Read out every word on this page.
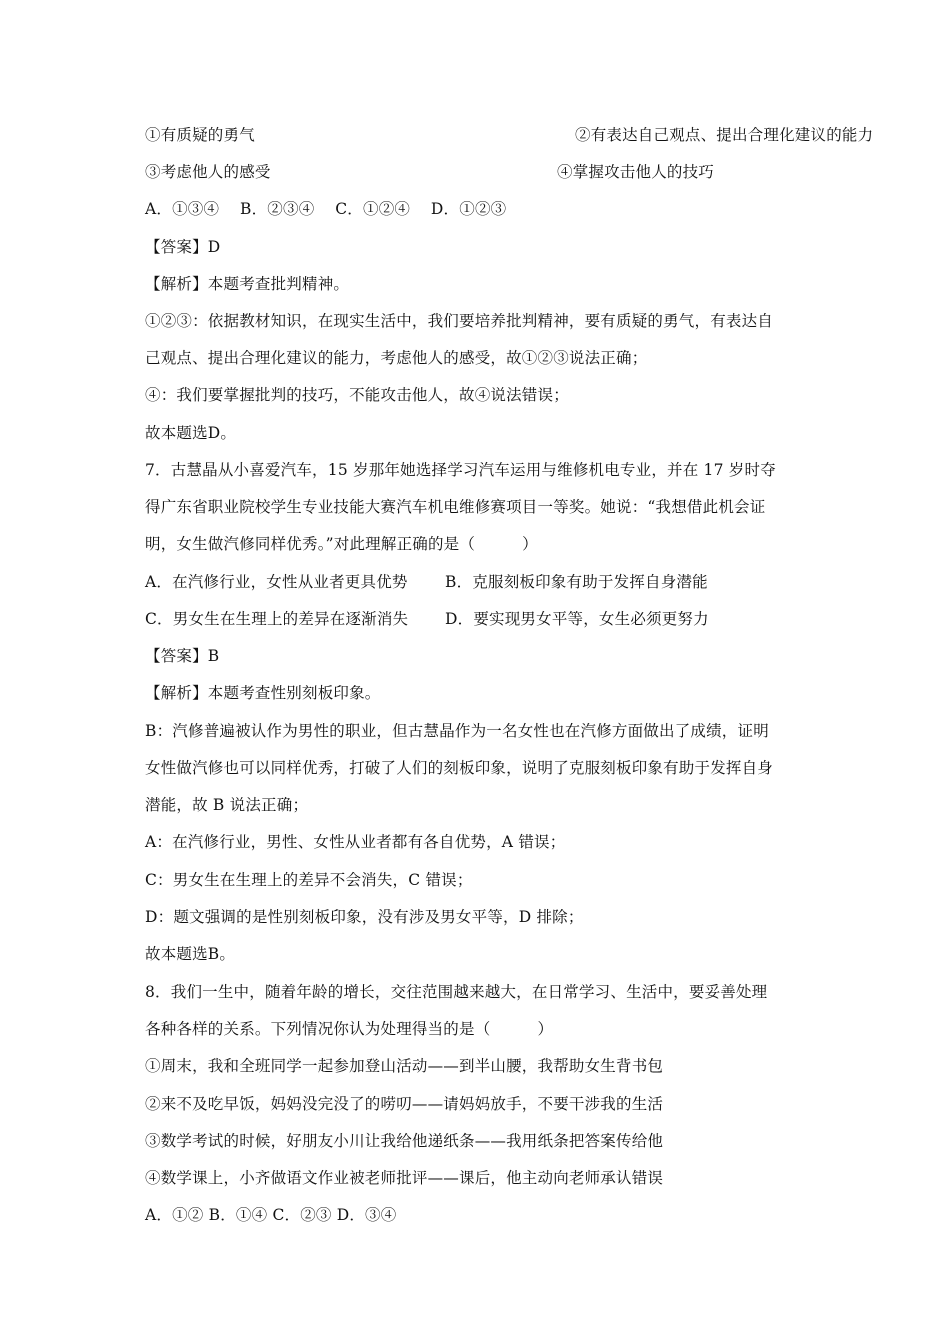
①有质疑的勇气	②有表达自己观点、提出合理化建议的能力
③考虑他人的感受	④掌握攻击他人的技巧
A．①③④　 B．②③④　 C．①②④　 D．①②③
【答案】D
【解析】本题考查批判精神。
①②③：依据教材知识，在现实生活中，我们要培养批判精神，要有质疑的勇气，有表达自
己观点、提出合理化建议的能力，考虑他人的感受，故①②③说法正确；
④：我们要掌握批判的技巧，不能攻击他人，故④说法错误；
故本题选D。
7．古慧晶从小喜爱汽车，15 岁那年她选择学习汽车运用与维修机电专业，并在 17 岁时夺
得广东省职业院校学生专业技能大赛汽车机电维修赛项目一等奖。她说：“我想借此机会证
明，女生做汽修同样优秀。”对此理解正确的是（　　　）
A．在汽修行业，女性从业者更具优势 B．克服刻板印象有助于发挥自身潜能
C．男女生在生理上的差异在逐渐消失 D．要实现男女平等，女生必须更努力
【答案】B
【解析】本题考查性别刻板印象。
B：汽修普遍被认作为男性的职业，但古慧晶作为一名女性也在汽修方面做出了成绩，证明
女性做汽修也可以同样优秀，打破了人们的刻板印象，说明了克服刻板印象有助于发挥自身
潜能，故 B 说法正确；
A：在汽修行业，男性、女性从业者都有各自优势，A 错误；
C：男女生在生理上的差异不会消失，C 错误；
D：题文强调的是性别刻板印象，没有涉及男女平等，D 排除；
故本题选B。
8．我们一生中，随着年龄的增长，交往范围越来越大，在日常学习、生活中，要妥善处理
各种各样的关系。下列情况你认为处理得当的是（　　　）
①周末，我和全班同学一起参加登山活动——到半山腰，我帮助女生背书包
②来不及吃早饭，妈妈没完没了的唠叨——请妈妈放手，不要干涉我的生活
③数学考试的时候，好朋友小川让我给他递纸条——我用纸条把答案传给他
④数学课上，小齐做语文作业被老师批评——课后，他主动向老师承认错误
A．①② B．①④ C．②③ D．③④
